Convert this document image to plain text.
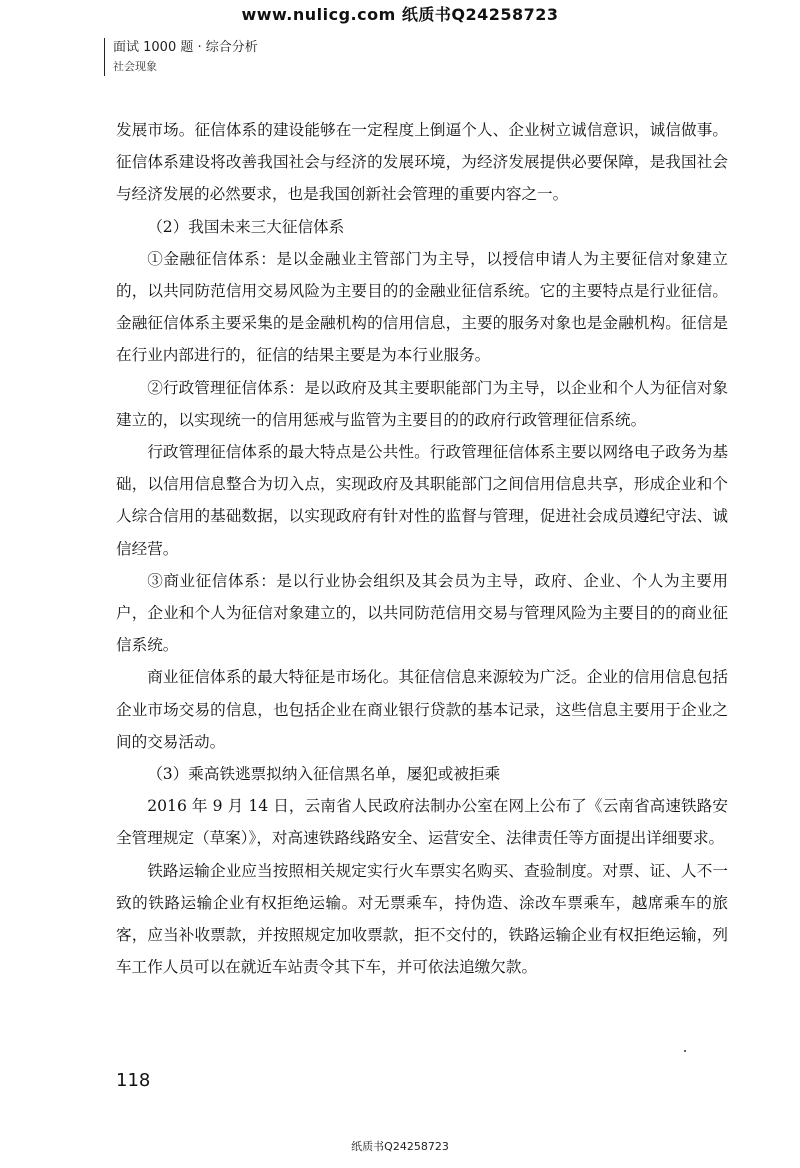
www.nulicg.com 纸质书Q24258723
面试 1000 题 · 综合分析
社会现象

发展市场。征信体系的建设能够在一定程度上倒逼个人、企业树立诚信意识，诚信做事。征信体系建设将改善我国社会与经济的发展环境，为经济发展提供必要保障，是我国社会与经济发展的必然要求，也是我国创新社会管理的重要内容之一。

（2）我国未来三大征信体系

①金融征信体系：是以金融业主管部门为主导，以授信申请人为主要征信对象建立的，以共同防范信用交易风险为主要目的的金融业征信系统。它的主要特点是行业征信。金融征信体系主要采集的是金融机构的信用信息，主要的服务对象也是金融机构。征信是在行业内部进行的，征信的结果主要是为本行业服务。

②行政管理征信体系：是以政府及其主要职能部门为主导，以企业和个人为征信对象建立的，以实现统一的信用惩戒与监管为主要目的的政府行政管理征信系统。

行政管理征信体系的最大特点是公共性。行政管理征信体系主要以网络电子政务为基础，以信用信息整合为切入点，实现政府及其职能部门之间信用信息共享，形成企业和个人综合信用的基础数据，以实现政府有针对性的监督与管理，促进社会成员遵纪守法、诚信经营。

③商业征信体系：是以行业协会组织及其会员为主导，政府、企业、个人为主要用户，企业和个人为征信对象建立的，以共同防范信用交易与管理风险为主要目的的商业征信系统。

商业征信体系的最大特征是市场化。其征信信息来源较为广泛。企业的信用信息包括企业市场交易的信息，也包括企业在商业银行贷款的基本记录，这些信息主要用于企业之间的交易活动。

（3）乘高铁逃票拟纳入征信黑名单，屡犯或被拒乘

2016 年 9 月 14 日，云南省人民政府法制办公室在网上公布了《云南省高速铁路安全管理规定（草案）》，对高速铁路线路安全、运营安全、法律责任等方面提出详细要求。

铁路运输企业应当按照相关规定实行火车票实名购买、查验制度。对票、证、人不一致的铁路运输企业有权拒绝运输。对无票乘车，持伪造、涂改车票乘车，越席乘车的旅客，应当补收票款，并按照规定加收票款，拒不交付的，铁路运输企业有权拒绝运输，列车工作人员可以在就近车站责令其下车，并可依法追缴欠款。

118
纸质书Q24258723
